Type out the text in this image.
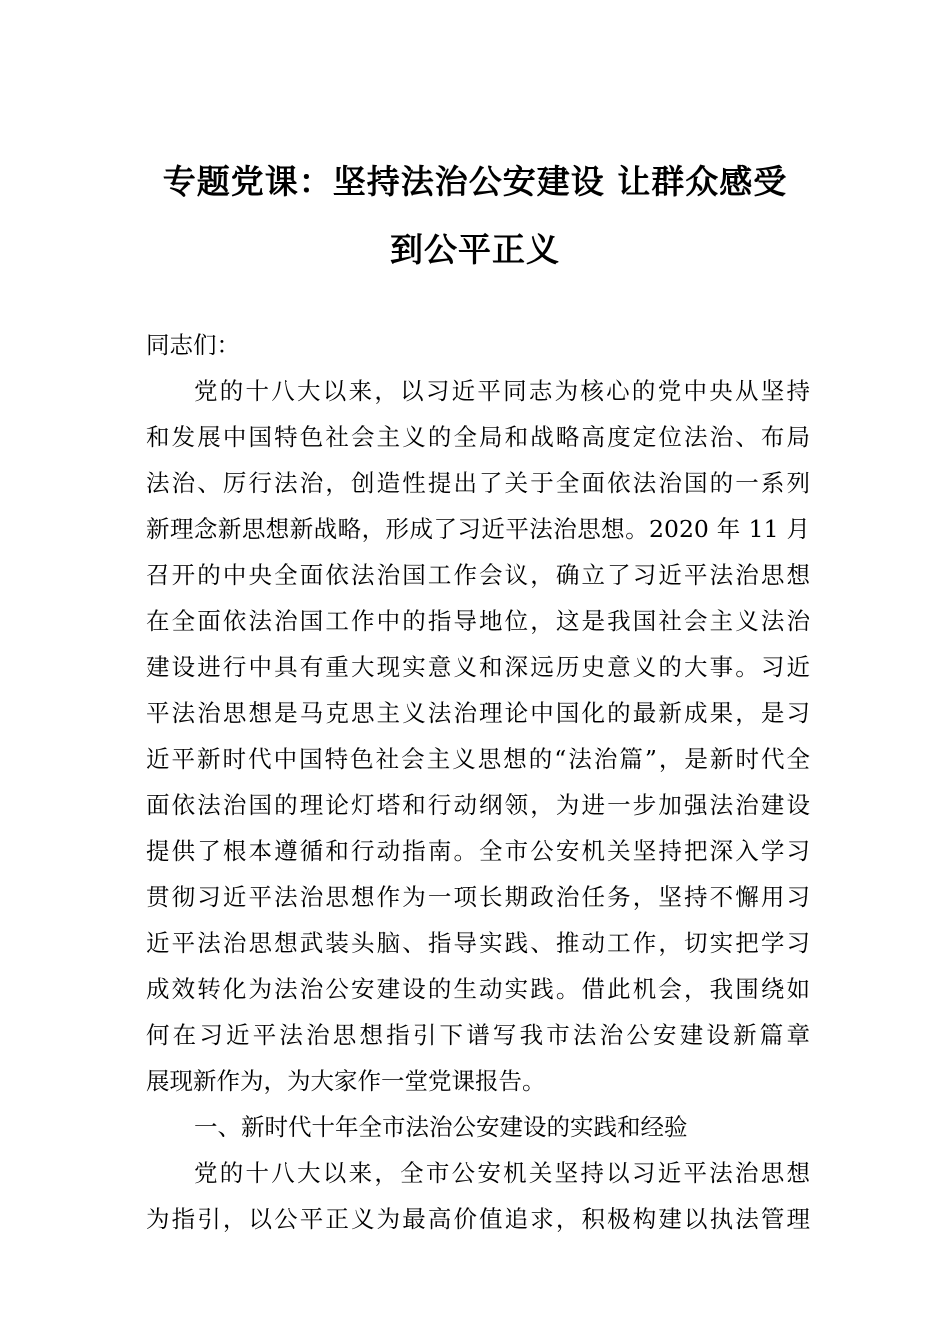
专题党课：坚持法治公安建设 让群众感受
到公平正义
同志们：
党的十八大以来，以习近平同志为核心的党中央从坚持
和发展中国特色社会主义的全局和战略高度定位法治、布局
法治、厉行法治，创造性提出了关于全面依法治国的一系列
新理念新思想新战略，形成了习近平法治思想。2020 年 11 月
召开的中央全面依法治国工作会议，确立了习近平法治思想
在全面依法治国工作中的指导地位，这是我国社会主义法治
建设进行中具有重大现实意义和深远历史意义的大事。习近
平法治思想是马克思主义法治理论中国化的最新成果，是习
近平新时代中国特色社会主义思想的“法治篇”，是新时代全
面依法治国的理论灯塔和行动纲领，为进一步加强法治建设
提供了根本遵循和行动指南。全市公安机关坚持把深入学习
贯彻习近平法治思想作为一项长期政治任务，坚持不懈用习
近平法治思想武装头脑、指导实践、推动工作，切实把学习
成效转化为法治公安建设的生动实践。借此机会，我围绕如
何在习近平法治思想指引下谱写我市法治公安建设新篇章
展现新作为，为大家作一堂党课报告。
一、新时代十年全市法治公安建设的实践和经验
党的十八大以来，全市公安机关坚持以习近平法治思想
为指引，以公平正义为最高价值追求，积极构建以执法管理
